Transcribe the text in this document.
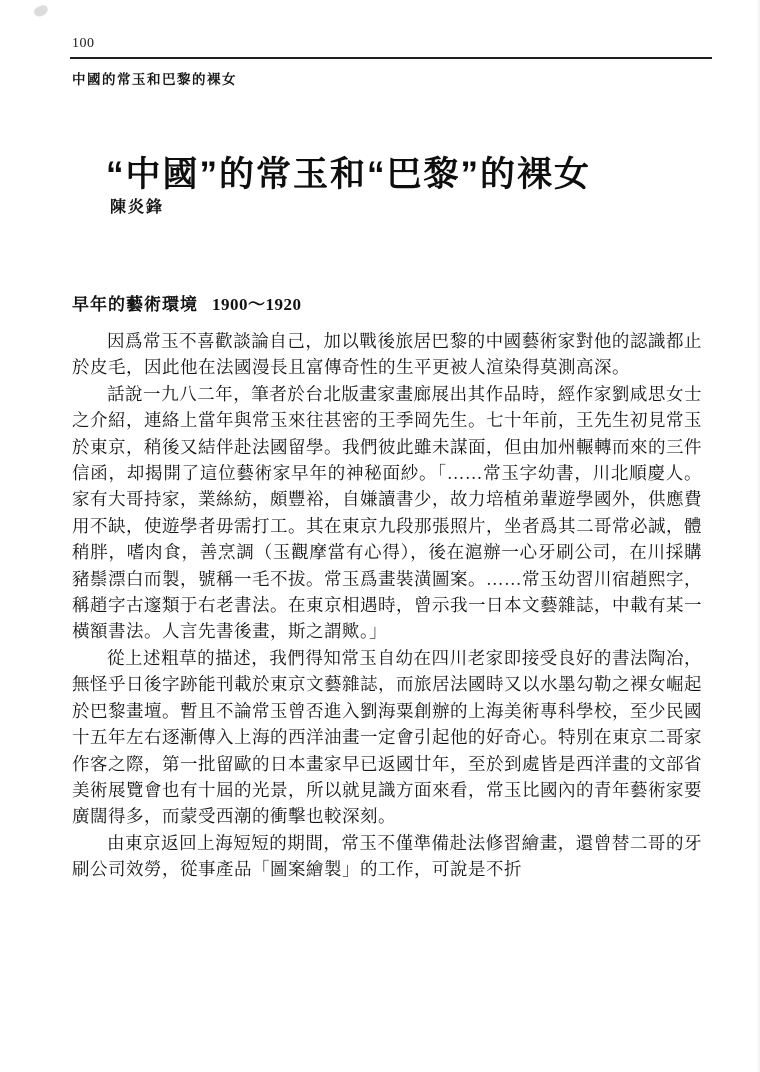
100
中國的常玉和巴黎的裸女
“中國”的常玉和“巴黎”的裸女
陳炎鋒
早年的藝術環境 1900～1920

因爲常玉不喜歡談論自己，加以戰後旅居巴黎的中國藝術家對他的認識都止於皮毛，因此他在法國漫長且富傳奇性的生平更被人渲染得莫測高深。

話說一九八二年，筆者於台北版畫家畫廊展出其作品時，經作家劉咸思女士之介紹，連絡上當年與常玉來往甚密的王季岡先生。七十年前，王先生初見常玉於東京，稍後又結伴赴法國留學。我們彼此雖未謀面，但由加州輾轉而來的三件信函，却揭開了這位藝術家早年的神秘面紗。「……常玉字幼書，川北順慶人。家有大哥持家，業絲紡，頗豐裕，自嫌讀書少，故力培植弟輩遊學國外，供應費用不缺，使遊學者毋需打工。其在東京九段那張照片，坐者爲其二哥常必誠，體稍胖，嗜肉食，善烹調（玉觀摩當有心得），後在滬辦一心牙刷公司，在川採購豬鬃漂白而製，號稱一毛不拔。常玉爲畫裝潢圖案。……常玉幼習川宿趙熙字，稱趙字古邃類于右老書法。在東京相遇時，曾示我一日本文藝雜誌，中載有某一橫額書法。人言先書後畫，斯之謂歟。」

從上述粗草的描述，我們得知常玉自幼在四川老家即接受良好的書法陶冶，無怪乎日後字跡能刊載於東京文藝雜誌，而旅居法國時又以水墨勾勒之裸女崛起於巴黎畫壇。暫且不論常玉曾否進入劉海粟創辦的上海美術專科學校，至少民國十五年左右逐漸傳入上海的西洋油畫一定會引起他的好奇心。特別在東京二哥家作客之際，第一批留歐的日本畫家早已返國廿年，至於到處皆是西洋畫的文部省美術展覽會也有十屆的光景，所以就見識方面來看，常玉比國內的青年藝術家要廣闊得多，而蒙受西潮的衝擊也較深刻。

由東京返回上海短短的期間，常玉不僅準備赴法修習繪畫，還曾替二哥的牙刷公司效勞，從事產品「圖案繪製」的工作，可說是不折
